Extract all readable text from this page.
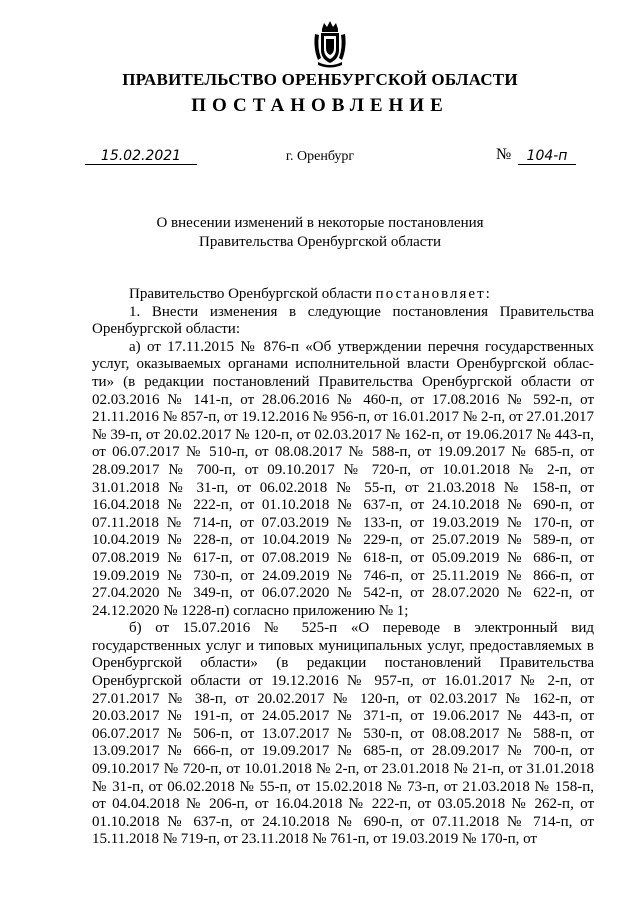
ПРАВИТЕЛЬСТВО ОРЕНБУРГСКОЙ ОБЛАСТИ
ПОСТАНОВЛЕНИЕ
15.02.2021	г. Оренбург	№	104-п
О внесении изменений в некоторые постановления
Правительства Оренбургской области

Правительство Оренбургской области постановляет:

1. Внести изменения в следующие постановления Правительства Оренбургской области:

а) от 17.11.2015 № 876-п «Об утверждении перечня государственных услуг, оказываемых органами исполнительной власти Оренбургской облас-ти» (в редакции постановлений Правительства Оренбургской области от 02.03.2016 № 141-п, от 28.06.2016 № 460-п, от 17.08.2016 № 592-п, от 21.11.2016 № 857-п, от 19.12.2016 № 956-п, от 16.01.2017 № 2-п, от 27.01.2017 № 39-п, от 20.02.2017 № 120-п, от 02.03.2017 № 162-п, от 19.06.2017 № 443-п, от 06.07.2017 № 510-п, от 08.08.2017 № 588-п, от 19.09.2017 № 685-п, от 28.09.2017 № 700-п, от 09.10.2017 № 720-п, от 10.01.2018 № 2-п, от 31.01.2018 № 31-п, от 06.02.2018 № 55-п, от 21.03.2018 № 158-п, от 16.04.2018 № 222-п, от 01.10.2018 № 637-п, от 24.10.2018 № 690-п, от 07.11.2018 № 714-п, от 07.03.2019 № 133-п, от 19.03.2019 № 170-п, от 10.04.2019 № 228-п, от 10.04.2019 № 229-п, от 25.07.2019 № 589-п, от 07.08.2019 № 617-п, от 07.08.2019 № 618-п, от 05.09.2019 № 686-п, от 19.09.2019 № 730-п, от 24.09.2019 № 746-п, от 25.11.2019 № 866-п, от 27.04.2020 № 349-п, от 06.07.2020 № 542-п, от 28.07.2020 № 622-п, от 24.12.2020 № 1228-п) согласно приложению № 1;

б) от 15.07.2016 № 525-п «О переводе в электронный вид государственных услуг и типовых муниципальных услуг, предоставляемых в Оренбургской области» (в редакции постановлений Правительства Оренбургской области от 19.12.2016 № 957-п, от 16.01.2017 № 2-п, от 27.01.2017 № 38-п, от 20.02.2017 № 120-п, от 02.03.2017 № 162-п, от 20.03.2017 № 191-п, от 24.05.2017 № 371-п, от 19.06.2017 № 443-п, от 06.07.2017 № 506-п, от 13.07.2017 № 530-п, от 08.08.2017 № 588-п, от 13.09.2017 № 666-п, от 19.09.2017 № 685-п, от 28.09.2017 № 700-п, от 09.10.2017 № 720-п, от 10.01.2018 № 2-п, от 23.01.2018 № 21-п, от 31.01.2018 № 31-п, от 06.02.2018 № 55-п, от 15.02.2018 № 73-п, от 21.03.2018 № 158-п, от 04.04.2018 № 206-п, от 16.04.2018 № 222-п, от 03.05.2018 № 262-п, от 01.10.2018 № 637-п, от 24.10.2018 № 690-п, от 07.11.2018 № 714-п, от 15.11.2018 № 719-п, от 23.11.2018 № 761-п, от 19.03.2019 № 170-п, от
